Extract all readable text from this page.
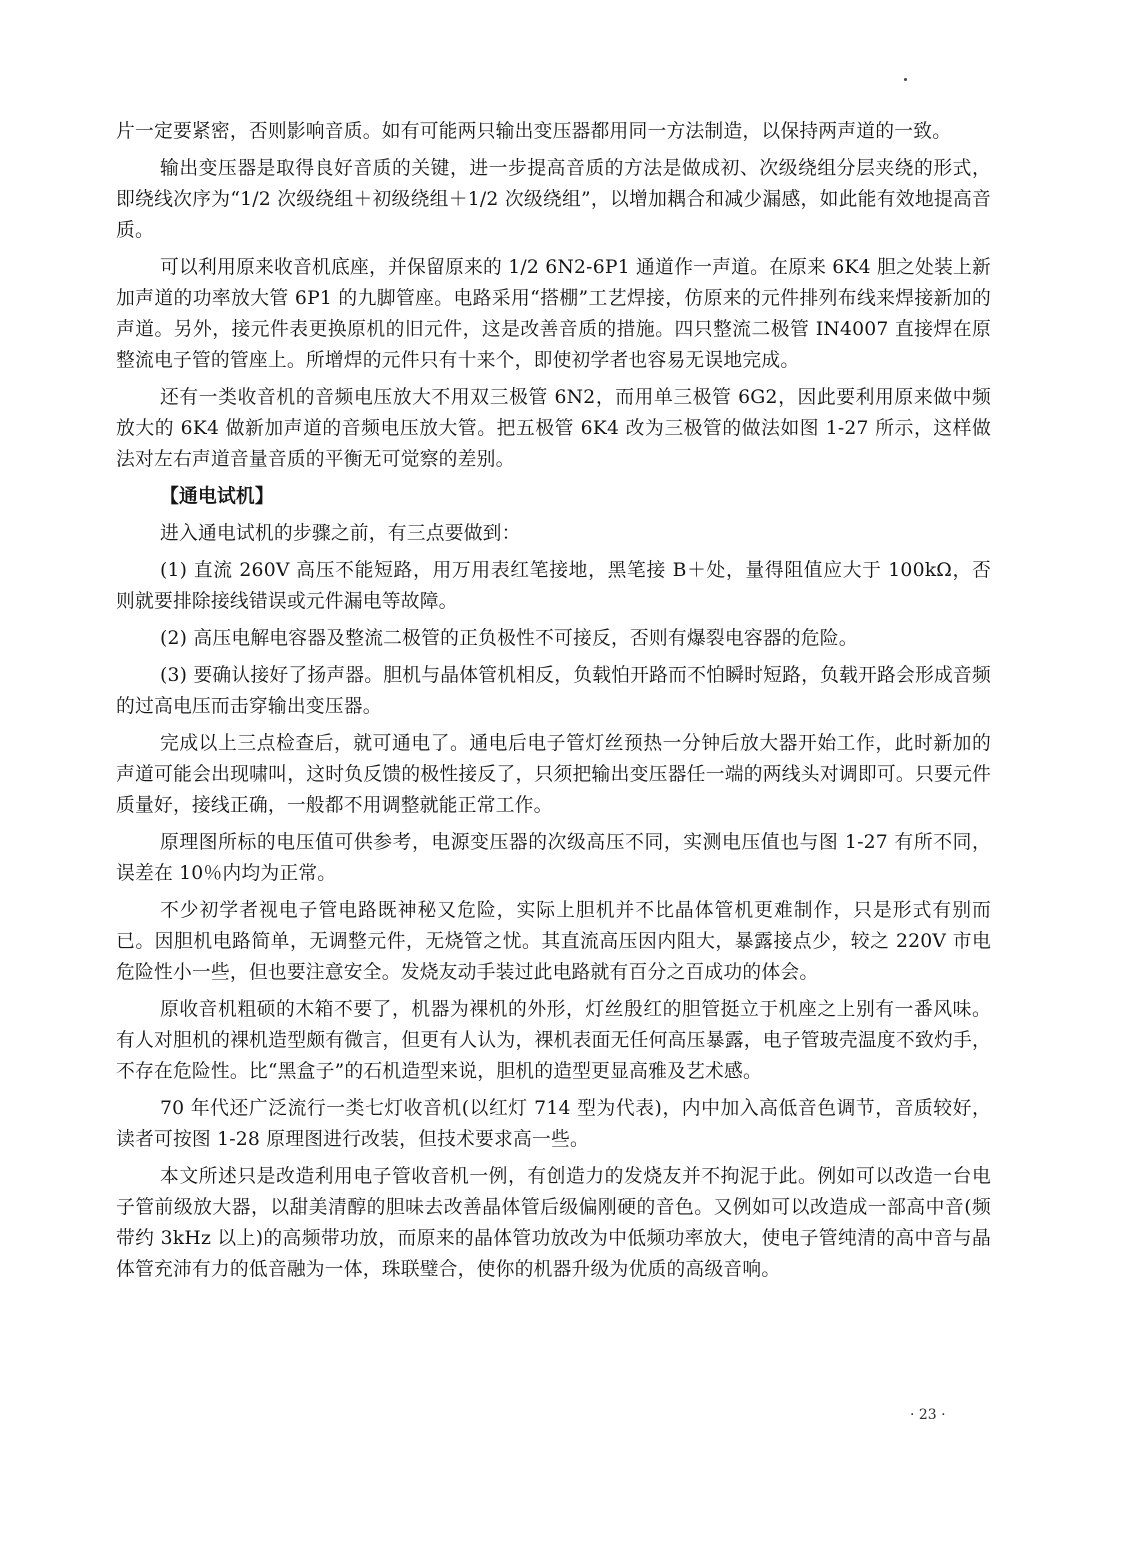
片一定要紧密，否则影响音质。如有可能两只输出变压器都用同一方法制造，以保持两声道的一致。

输出变压器是取得良好音质的关键，进一步提高音质的方法是做成初、次级绕组分层夹绕的形式，即绕线次序为“1/2 次级绕组＋初级绕组＋1/2 次级绕组”，以增加耦合和减少漏感，如此能有效地提高音质。

可以利用原来收音机底座，并保留原来的 1/2 6N2-6P1 通道作一声道。在原来 6K4 胆之处装上新加声道的功率放大管 6P1 的九脚管座。电路采用“搭棚”工艺焊接，仿原来的元件排列布线来焊接新加的声道。另外，接元件表更换原机的旧元件，这是改善音质的措施。四只整流二极管 IN4007 直接焊在原整流电子管的管座上。所增焊的元件只有十来个，即使初学者也容易无误地完成。

还有一类收音机的音频电压放大不用双三极管 6N2，而用单三极管 6G2，因此要利用原来做中频放大的 6K4 做新加声道的音频电压放大管。把五极管 6K4 改为三极管的做法如图 1-27 所示，这样做法对左右声道音量音质的平衡无可觉察的差别。

【通电试机】

进入通电试机的步骤之前，有三点要做到：

(1) 直流 260V 高压不能短路，用万用表红笔接地，黑笔接 B＋处，量得阻值应大于 100kΩ，否则就要排除接线错误或元件漏电等故障。

(2) 高压电解电容器及整流二极管的正负极性不可接反，否则有爆裂电容器的危险。

(3) 要确认接好了扬声器。胆机与晶体管机相反，负载怕开路而不怕瞬时短路，负载开路会形成音频的过高电压而击穿输出变压器。

完成以上三点检查后，就可通电了。通电后电子管灯丝预热一分钟后放大器开始工作，此时新加的声道可能会出现啸叫，这时负反馈的极性接反了，只须把输出变压器任一端的两线头对调即可。只要元件质量好，接线正确，一般都不用调整就能正常工作。

原理图所标的电压值可供参考，电源变压器的次级高压不同，实测电压值也与图 1-27 有所不同，误差在 10％内均为正常。

不少初学者视电子管电路既神秘又危险，实际上胆机并不比晶体管机更难制作，只是形式有别而已。因胆机电路简单，无调整元件，无烧管之忧。其直流高压因内阻大，暴露接点少，较之 220V 市电危险性小一些，但也要注意安全。发烧友动手装过此电路就有百分之百成功的体会。

原收音机粗硕的木箱不要了，机器为裸机的外形，灯丝殷红的胆管挺立于机座之上别有一番风味。有人对胆机的裸机造型颇有微言，但更有人认为，裸机表面无任何高压暴露，电子管玻壳温度不致灼手，不存在危险性。比“黑盒子”的石机造型来说，胆机的造型更显高雅及艺术感。

70 年代还广泛流行一类七灯收音机(以红灯 714 型为代表)，内中加入高低音色调节，音质较好，读者可按图 1-28 原理图进行改装，但技术要求高一些。

本文所述只是改造利用电子管收音机一例，有创造力的发烧友并不拘泥于此。例如可以改造一台电子管前级放大器，以甜美清醇的胆味去改善晶体管后级偏刚硬的音色。又例如可以改造成一部高中音(频带约 3kHz 以上)的高频带功放，而原来的晶体管功放改为中低频功率放大，使电子管纯清的高中音与晶体管充沛有力的低音融为一体，珠联璧合，使你的机器升级为优质的高级音响。

· 23 ·
